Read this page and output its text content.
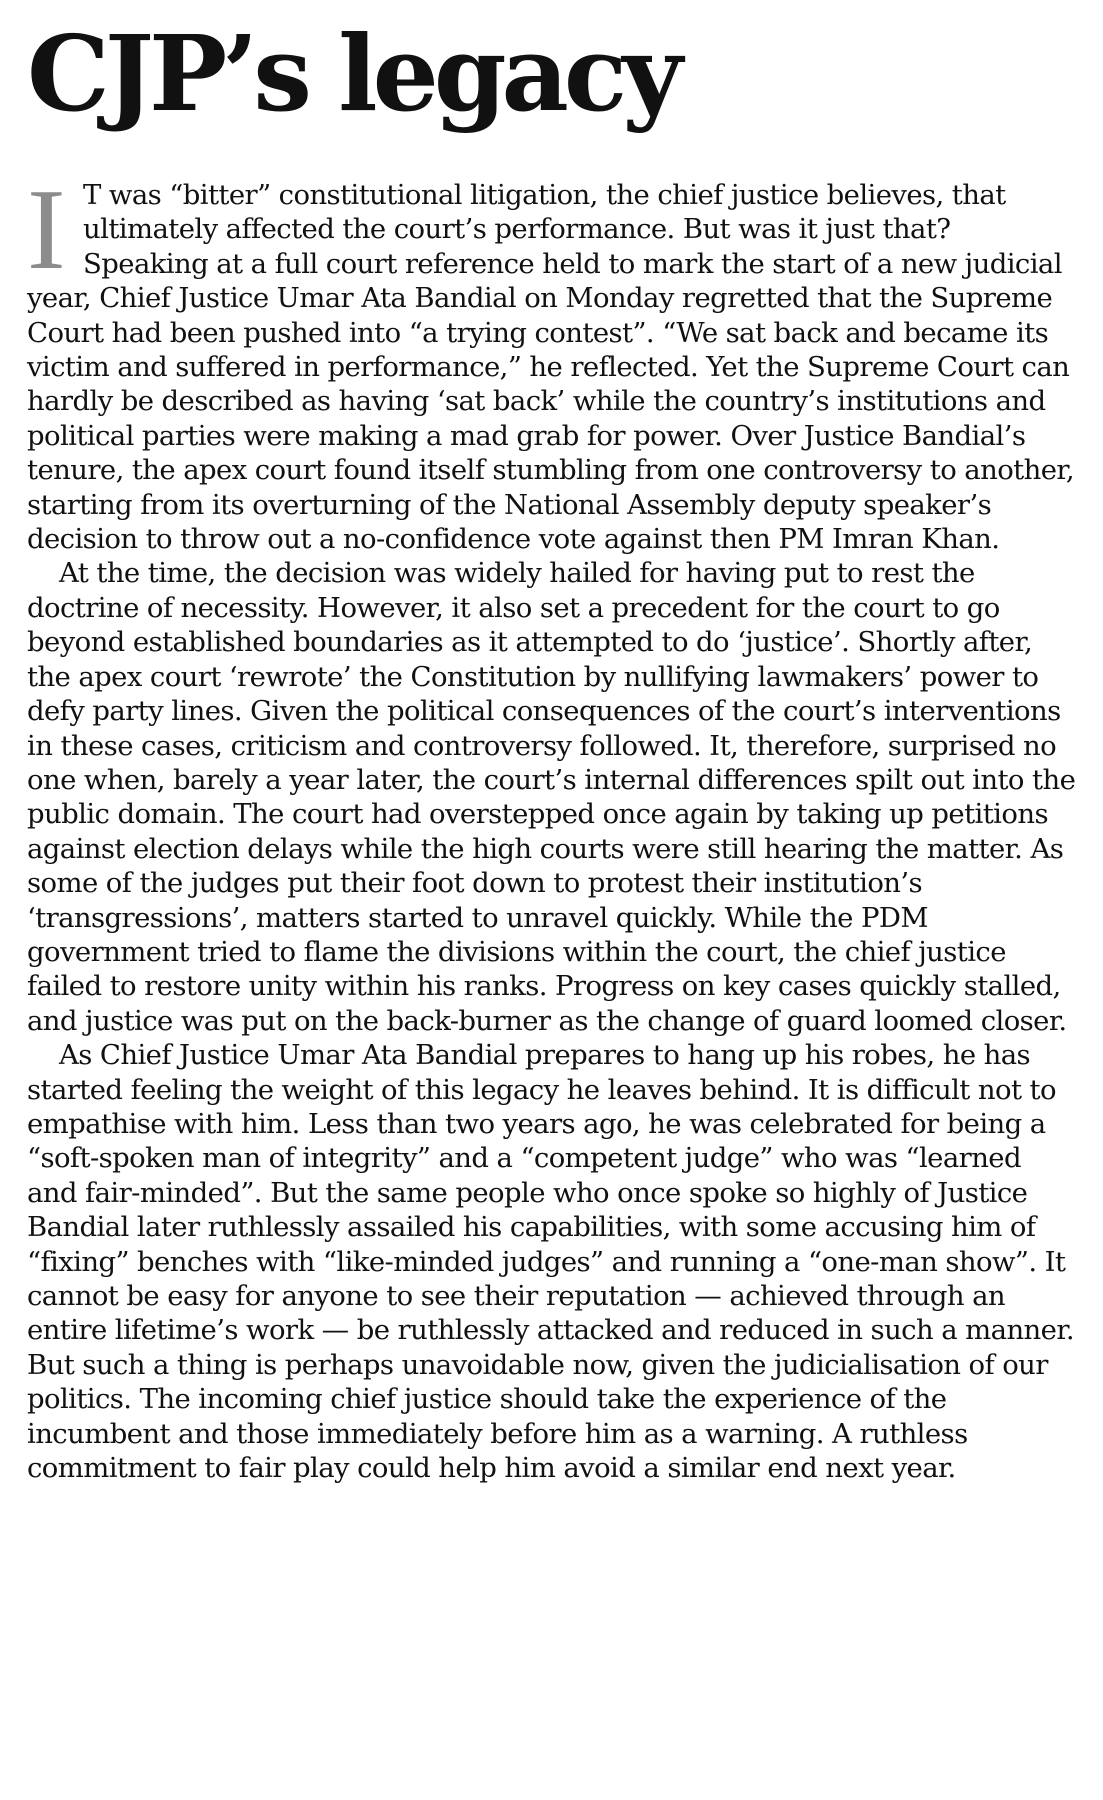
CJP’s legacy

I T was “bitter” constitutional litigation, the chief justice believes, that ultimately affected the court’s performance. But was it just that? Speaking at a full court reference held to mark the start of a new judicial year, Chief Justice Umar Ata Bandial on Monday regretted that the Supreme Court had been pushed into “a trying contest”. “We sat back and became its victim and suffered in performance,” he reflected. Yet the Supreme Court can hardly be described as having ‘sat back’ while the country’s institutions and political parties were making a mad grab for power. Over Justice Bandial’s tenure, the apex court found itself stumbling from one controversy to another, starting from its overturning of the National Assembly deputy speaker’s decision to throw out a no-confidence vote against then PM Imran Khan.

At the time, the decision was widely hailed for having put to rest the doctrine of necessity. However, it also set a precedent for the court to go beyond established boundaries as it attempted to do ‘justice’. Shortly after, the apex court ‘rewrote’ the Constitution by nullifying lawmakers’ power to defy party lines. Given the political consequences of the court’s interventions in these cases, criticism and controversy followed. It, therefore, surprised no one when, barely a year later, the court’s internal differences spilt out into the public domain. The court had overstepped once again by taking up petitions against election delays while the high courts were still hearing the matter. As some of the judges put their foot down to protest their institution’s ‘transgressions’, matters started to unravel quickly. While the PDM government tried to flame the divisions within the court, the chief justice failed to restore unity within his ranks. Progress on key cases quickly stalled, and justice was put on the back-burner as the change of guard loomed closer.

As Chief Justice Umar Ata Bandial prepares to hang up his robes, he has started feeling the weight of this legacy he leaves behind. It is difficult not to empathise with him. Less than two years ago, he was celebrated for being a “soft-spoken man of integrity” and a “competent judge” who was “learned and fair-minded”. But the same people who once spoke so highly of Justice Bandial later ruthlessly assailed his capabilities, with some accusing him of “fixing” benches with “like-minded judges” and running a “one-man show”. It cannot be easy for anyone to see their reputation — achieved through an entire lifetime’s work — be ruthlessly attacked and reduced in such a manner. But such a thing is perhaps unavoidable now, given the judicialisation of our politics. The incoming chief justice should take the experience of the incumbent and those immediately before him as a warning. A ruthless commitment to fair play could help him avoid a similar end next year.
